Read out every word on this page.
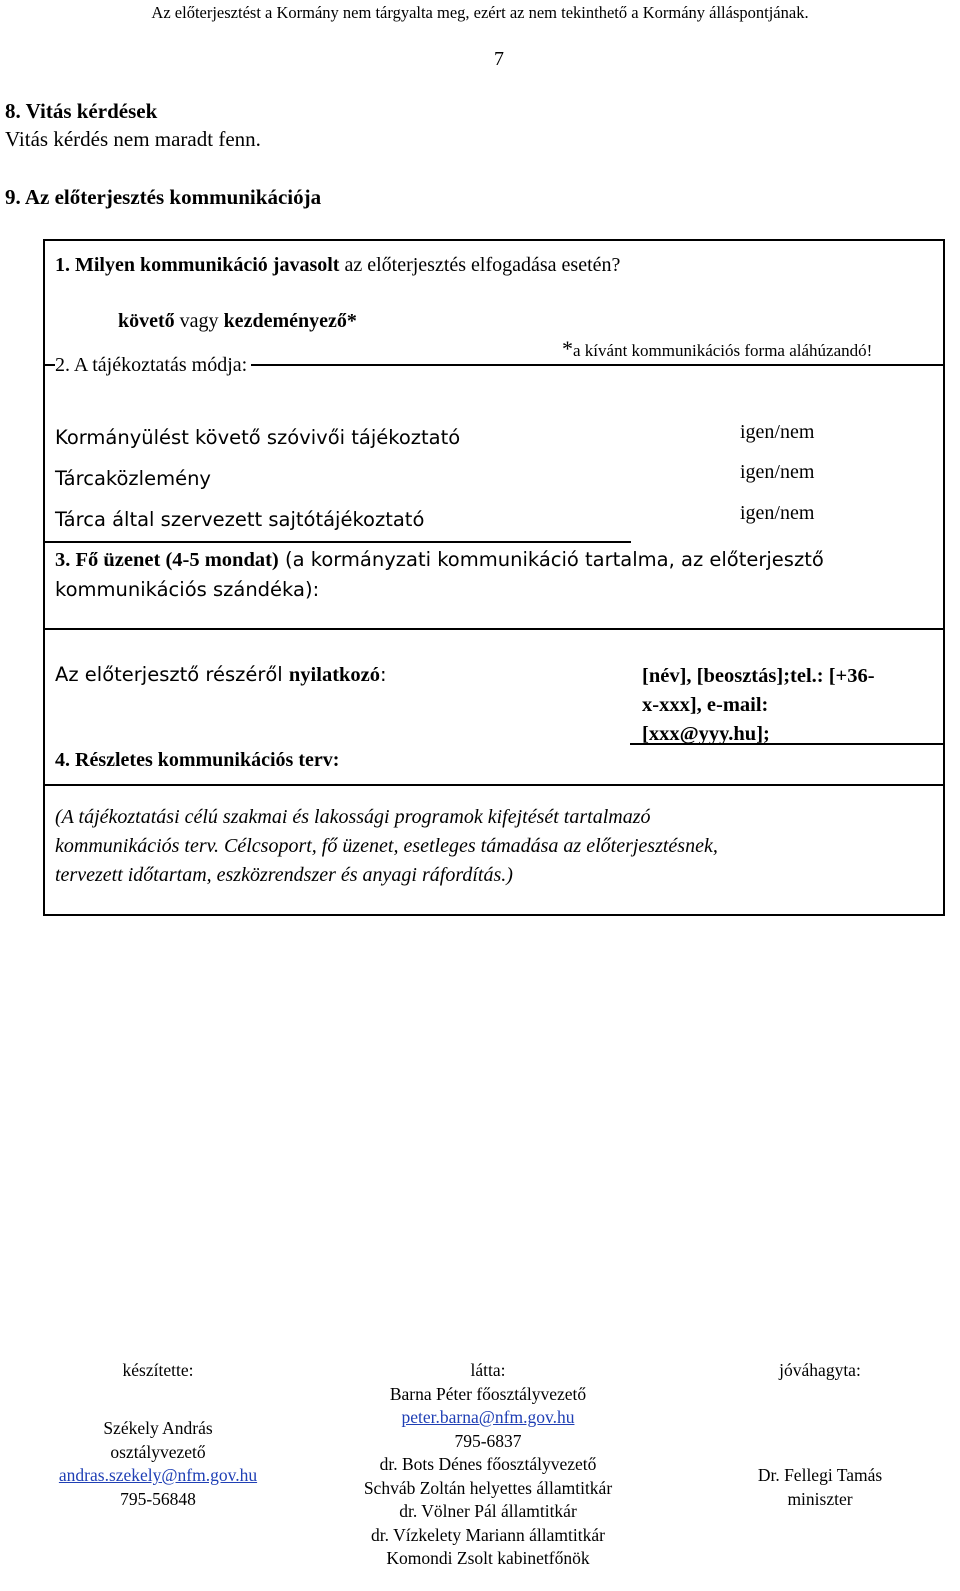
Az előterjesztést a Kormány nem tárgyalta meg, ezért az nem tekinthető a Kormány álláspontjának.
7
8. Vitás kérdések
Vitás kérdés nem maradt fenn.
9. Az előterjesztés kommunikációja
1. Milyen kommunikáció javasolt az előterjesztés elfogadása esetén?
követő vagy kezdeményező*
*a kívánt kommunikációs forma aláhúzandó!
2. A tájékoztatás módja:
Kormányülést követő szóvivői tájékoztató	igen/nem
Tárcaközlemény	igen/nem
Tárca által szervezett sajtótájékoztató	igen/nem
3. Fő üzenet (4-5 mondat) (a kormányzati kommunikáció tartalma, az előterjesztő
kommunikációs szándéka):
Az előterjesztő részéről nyilatkozó:	[név], [beosztás];tel.: [+36-
x-xxx], e-mail:
[xxx@yyy.hu];
4. Részletes kommunikációs terv:
(A tájékoztatási célú szakmai és lakossági programok kifejtését tartalmazó
kommunikációs terv. Célcsoport, fő üzenet, esetleges támadása az előterjesztésnek,
tervezett időtartam, eszközrendszer és anyagi ráfordítás.)
készítette:
Székely András
osztályvezető
andras.szekely@nfm.gov.hu
795-56848
látta:
Barna Péter főosztályvezető
peter.barna@nfm.gov.hu
795-6837
dr. Bots Dénes főosztályvezető
Schváb Zoltán helyettes államtitkár
dr. Völner Pál államtitkár
dr. Vízkelety Mariann államtitkár
Komondi Zsolt kabinetfőnök
jóváhagyta:
Dr. Fellegi Tamás
miniszter
